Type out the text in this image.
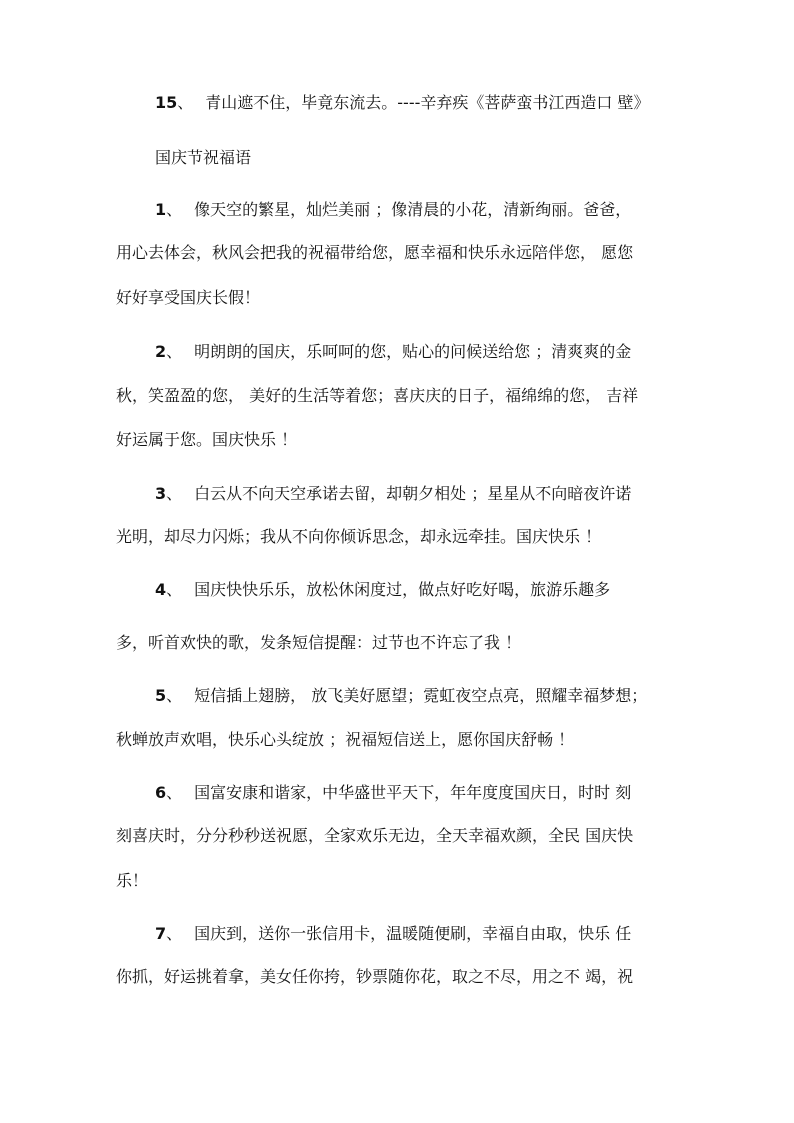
15、 青山遮不住，毕竟东流去。----辛弃疾《菩萨蛮书江西造口 壁》
国庆节祝福语
1、 像天空的繁星，灿烂美丽 ；像清晨的小花，清新绚丽。爸爸，
用心去体会，秋风会把我的祝福带给您，愿幸福和快乐永远陪伴您， 愿您
好好享受国庆长假！
2、 明朗朗的国庆，乐呵呵的您，贴心的问候送给您 ；清爽爽的金
秋，笑盈盈的您， 美好的生活等着您；喜庆庆的日子，福绵绵的您， 吉祥
好运属于您。国庆快乐 ！
3、 白云从不向天空承诺去留，却朝夕相处 ；星星从不向暗夜许诺
光明，却尽力闪烁；我从不向你倾诉思念，却永远牵挂。国庆快乐 ！
4、 国庆快快乐乐，放松休闲度过，做点好吃好喝，旅游乐趣多
多，听首欢快的歌，发条短信提醒：过节也不许忘了我 ！
5、 短信插上翅膀， 放飞美好愿望；霓虹夜空点亮，照耀幸福梦想；
秋蝉放声欢唱，快乐心头绽放 ；祝福短信送上，愿你国庆舒畅 ！
6、 国富安康和谐家，中华盛世平天下，年年度度国庆日，时时 刻
刻喜庆时，分分秒秒送祝愿，全家欢乐无边，全天幸福欢颜，全民 国庆快
乐！
7、 国庆到，送你一张信用卡，温暖随便刷，幸福自由取，快乐 任
你抓，好运挑着拿，美女任你挎，钞票随你花，取之不尽，用之不 竭，祝
